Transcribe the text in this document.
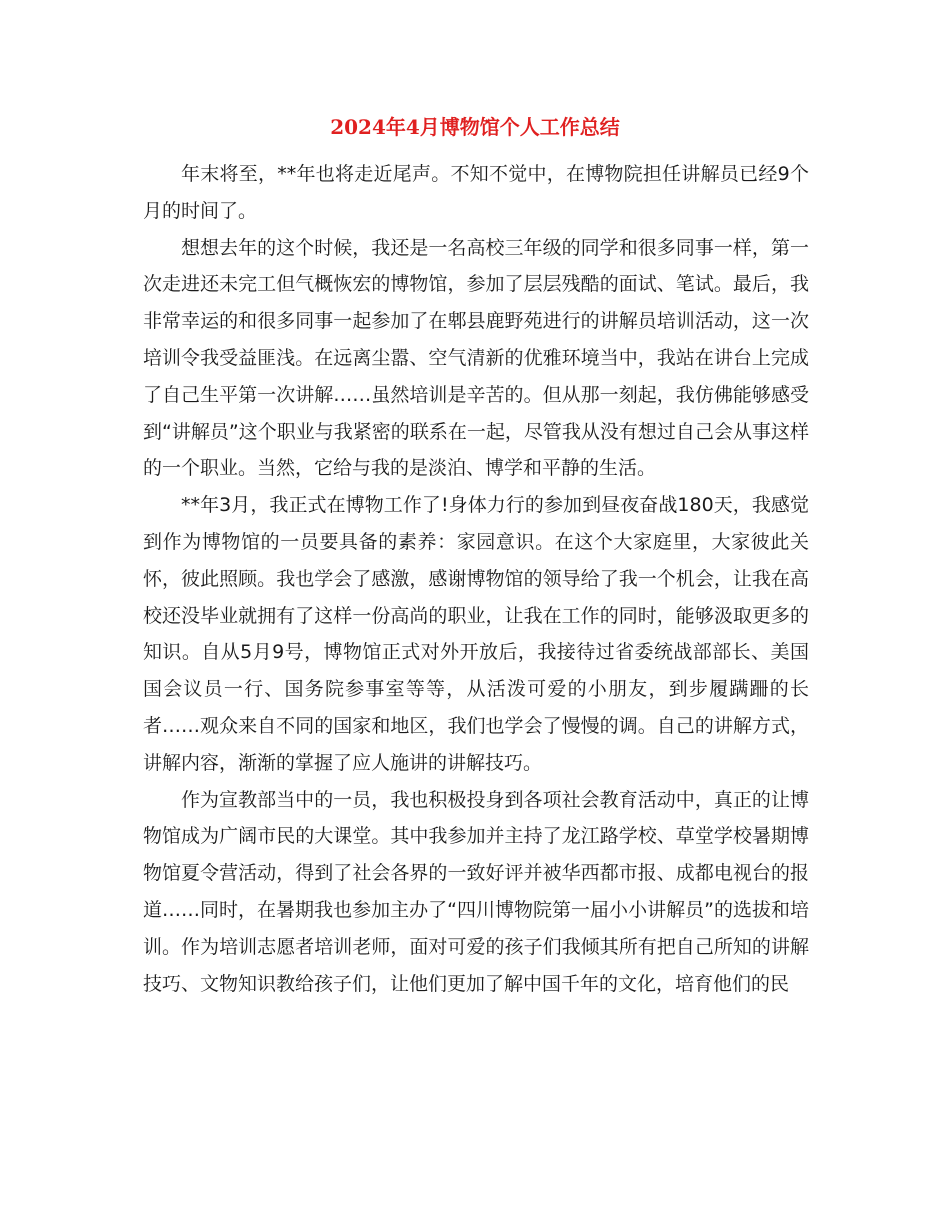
2024年4月博物馆个人工作总结

年末将至，**年也将走近尾声。不知不觉中，在博物院担任讲解员已经9个月的时间了。

想想去年的这个时候，我还是一名高校三年级的同学和很多同事一样，第一次走进还未完工但气概恢宏的博物馆，参加了层层残酷的面试、笔试。最后，我非常幸运的和很多同事一起参加了在郫县鹿野苑进行的讲解员培训活动，这一次培训令我受益匪浅。在远离尘嚣、空气清新的优雅环境当中，我站在讲台上完成了自己生平第一次讲解……虽然培训是辛苦的。但从那一刻起，我仿佛能够感受到“讲解员”这个职业与我紧密的联系在一起，尽管我从没有想过自己会从事这样的一个职业。当然，它给与我的是淡泊、博学和平静的生活。

**年3月，我正式在博物工作了!身体力行的参加到昼夜奋战180天，我感觉到作为博物馆的一员要具备的素养：家园意识。在这个大家庭里，大家彼此关怀，彼此照顾。我也学会了感激，感谢博物馆的领导给了我一个机会，让我在高校还没毕业就拥有了这样一份高尚的职业，让我在工作的同时，能够汲取更多的知识。自从5月9号，博物馆正式对外开放后，我接待过省委统战部部长、美国国会议员一行、国务院参事室等等，从活泼可爱的小朋友，到步履蹒跚的长者……观众来自不同的国家和地区，我们也学会了慢慢的调。自己的讲解方式，讲解内容，渐渐的掌握了应人施讲的讲解技巧。

作为宣教部当中的一员，我也积极投身到各项社会教育活动中，真正的让博物馆成为广阔市民的大课堂。其中我参加并主持了龙江路学校、草堂学校暑期博物馆夏令营活动，得到了社会各界的一致好评并被华西都市报、成都电视台的报道……同时，在暑期我也参加主办了“四川博物院第一届小小讲解员”的选拔和培训。作为培训志愿者培训老师，面对可爱的孩子们我倾其所有把自己所知的讲解技巧、文物知识教给孩子们，让他们更加了解中国千年的文化，培育他们的民
